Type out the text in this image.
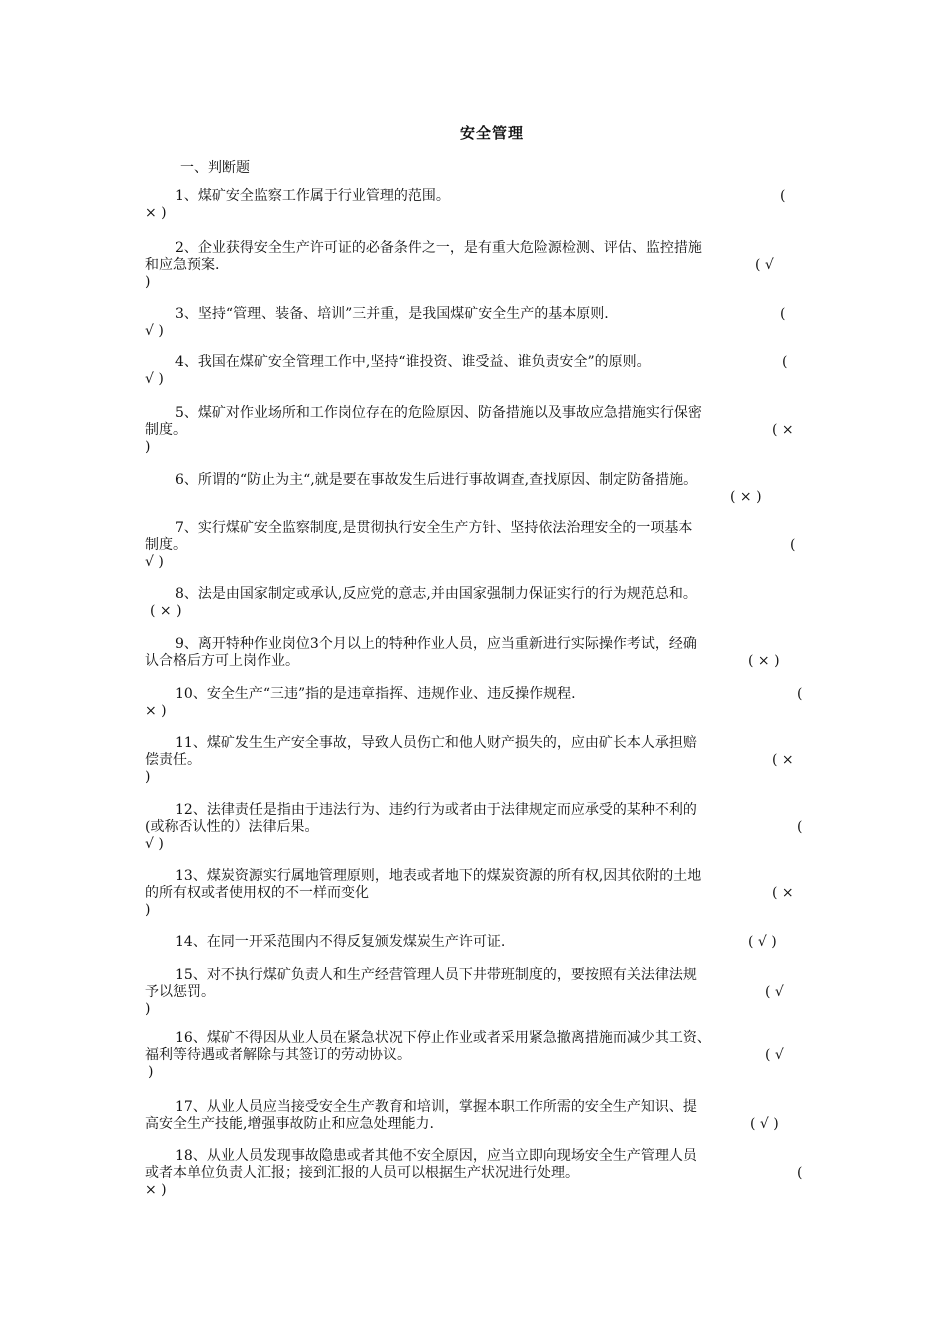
安全管理
一、判断题
1、煤矿安全监察工作属于行业管理的范围。	(
× )
2、企业获得安全生产许可证的必备条件之一，是有重大危险源检测、评估、监控措施
和应急预案.	( √
)
3、坚持“管理、装备、培训”三并重，是我国煤矿安全生产的基本原则.	(
√ )
4、我国在煤矿安全管理工作中,坚持“谁投资、谁受益、谁负责安全”的原则。	(
√ )
5、煤矿对作业场所和工作岗位存在的危险原因、防备措施以及事故应急措施实行保密
制度。	( ×
)
6、所谓的“防止为主“,就是要在事故发生后进行事故调查,查找原因、制定防备措施。
( × )
7、实行煤矿安全监察制度,是贯彻执行安全生产方针、坚持依法治理安全的一项基本
制度。	(
√ )
8、法是由国家制定或承认,反应党的意志,并由国家强制力保证实行的行为规范总和。
( × )
9、离开特种作业岗位3个月以上的特种作业人员，应当重新进行实际操作考试，经确
认合格后方可上岗作业。	( × )
10、安全生产“三违”指的是违章指挥、违规作业、违反操作规程.	(
× )
11、煤矿发生生产安全事故，导致人员伤亡和他人财产损失的，应由矿长本人承担赔
偿责任。	( ×
)
12、法律责任是指由于违法行为、违约行为或者由于法律规定而应承受的某种不利的
(或称否认性的）法律后果。	(
√ )
13、煤炭资源实行属地管理原则，地表或者地下的煤炭资源的所有权,因其依附的土地
的所有权或者使用权的不一样而变化	( ×
)
14、在同一开采范围内不得反复颁发煤炭生产许可证.	( √ )
15、对不执行煤矿负责人和生产经营管理人员下井带班制度的，要按照有关法律法规
予以惩罚。	( √
)
16、煤矿不得因从业人员在紧急状况下停止作业或者采用紧急撤离措施而减少其工资、
福利等待遇或者解除与其签订的劳动协议。	( √
)
17、从业人员应当接受安全生产教育和培训，掌握本职工作所需的安全生产知识、提
高安全生产技能,增强事故防止和应急处理能力.	( √ )
18、从业人员发现事故隐患或者其他不安全原因，应当立即向现场安全生产管理人员
或者本单位负责人汇报；接到汇报的人员可以根据生产状况进行处理。	(
× )
